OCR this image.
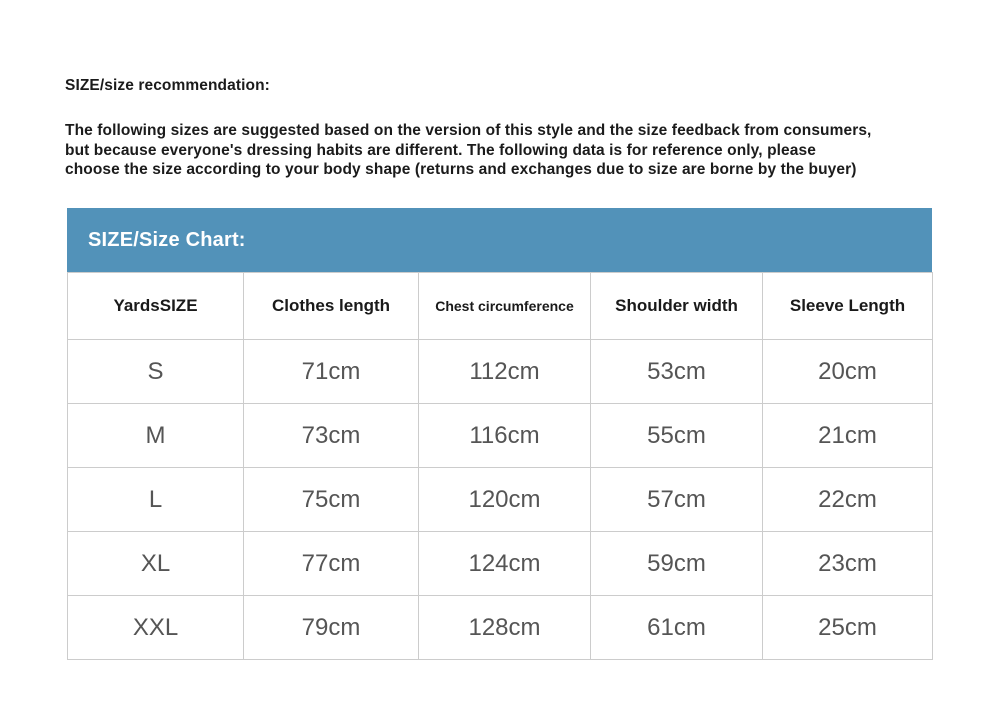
SIZE/size recommendation:
The following sizes are suggested based on the version of this style and the size feedback from consumers,
but because everyone's dressing habits are different. The following data is for reference only, please
choose the size according to your body shape (returns and exchanges due to size are borne by the buyer)
SIZE/Size Chart:
YardsSIZE	Clothes length	Chest circumference	Shoulder width	Sleeve Length
S	71cm	112cm	53cm	20cm
M	73cm	116cm	55cm	21cm
L	75cm	120cm	57cm	22cm
XL	77cm	124cm	59cm	23cm
XXL	79cm	128cm	61cm	25cm
